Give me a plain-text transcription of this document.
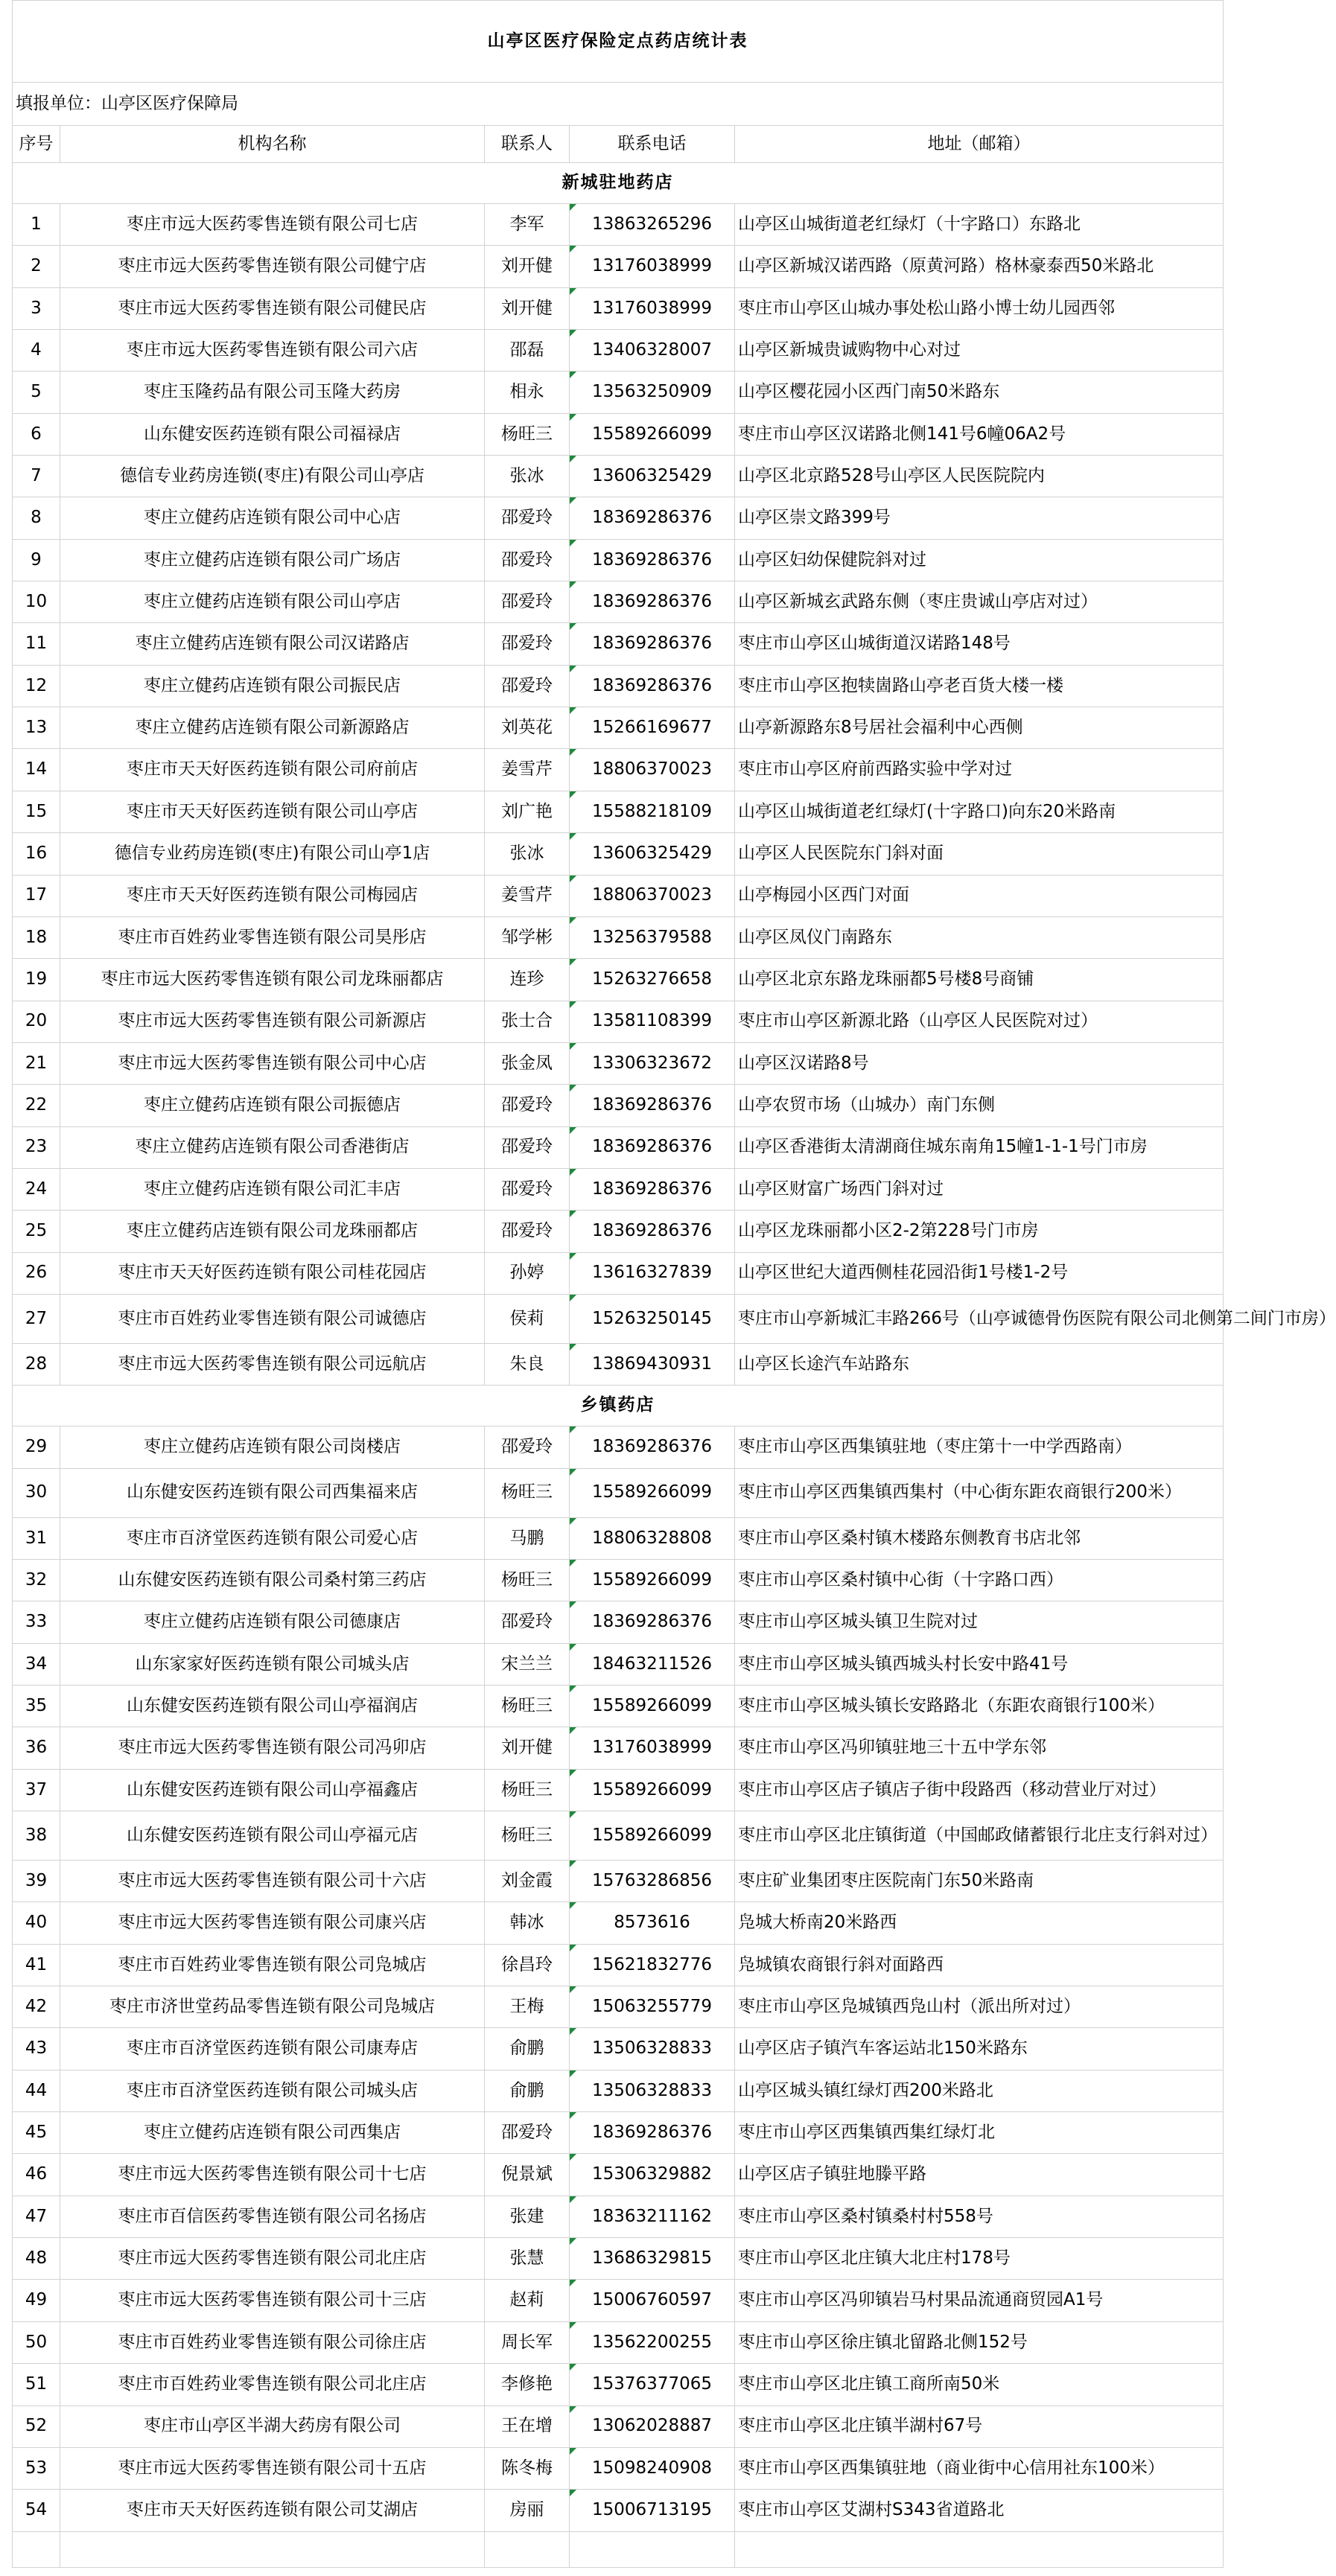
山亭区医疗保险定点药店统计表				
填报单位：山亭区医疗保障局				
序号	机构名称	联系人	联系电话	地址（邮箱）
新城驻地药店				
1	枣庄市远大医药零售连锁有限公司七店	李军	13863265296	山亭区山城街道老红绿灯（十字路口）东路北
2	枣庄市远大医药零售连锁有限公司健宁店	刘开健	13176038999	山亭区新城汉诺西路（原黄河路）格林豪泰西50米路北
3	枣庄市远大医药零售连锁有限公司健民店	刘开健	13176038999	枣庄市山亭区山城办事处松山路小博士幼儿园西邻
4	枣庄市远大医药零售连锁有限公司六店	邵磊	13406328007	山亭区新城贵诚购物中心对过
5	枣庄玉隆药品有限公司玉隆大药房	相永	13563250909	山亭区樱花园小区西门南50米路东
6	山东健安医药连锁有限公司福禄店	杨旺三	15589266099	枣庄市山亭区汉诺路北侧141号6幢06A2号
7	德信专业药房连锁(枣庄)有限公司山亭店	张冰	13606325429	山亭区北京路528号山亭区人民医院院内
8	枣庄立健药店连锁有限公司中心店	邵爱玲	18369286376	山亭区崇文路399号
9	枣庄立健药店连锁有限公司广场店	邵爱玲	18369286376	山亭区妇幼保健院斜对过
10	枣庄立健药店连锁有限公司山亭店	邵爱玲	18369286376	山亭区新城玄武路东侧（枣庄贵诚山亭店对过）
11	枣庄立健药店连锁有限公司汉诺路店	邵爱玲	18369286376	枣庄市山亭区山城街道汉诺路148号
12	枣庄立健药店连锁有限公司振民店	邵爱玲	18369286376	枣庄市山亭区抱犊崮路山亭老百货大楼一楼
13	枣庄立健药店连锁有限公司新源路店	刘英花	15266169677	山亭新源路东8号居社会福利中心西侧
14	枣庄市天天好医药连锁有限公司府前店	姜雪芹	18806370023	枣庄市山亭区府前西路实验中学对过
15	枣庄市天天好医药连锁有限公司山亭店	刘广艳	15588218109	山亭区山城街道老红绿灯(十字路口)向东20米路南
16	德信专业药房连锁(枣庄)有限公司山亭1店	张冰	13606325429	山亭区人民医院东门斜对面
17	枣庄市天天好医药连锁有限公司梅园店	姜雪芹	18806370023	山亭梅园小区西门对面
18	枣庄市百姓药业零售连锁有限公司昊彤店	邹学彬	13256379588	山亭区凤仪门南路东
19	枣庄市远大医药零售连锁有限公司龙珠丽都店	连珍	15263276658	山亭区北京东路龙珠丽都5号楼8号商铺
20	枣庄市远大医药零售连锁有限公司新源店	张士合	13581108399	枣庄市山亭区新源北路（山亭区人民医院对过）
21	枣庄市远大医药零售连锁有限公司中心店	张金凤	13306323672	山亭区汉诺路8号
22	枣庄立健药店连锁有限公司振德店	邵爱玲	18369286376	山亭农贸市场（山城办）南门东侧
23	枣庄立健药店连锁有限公司香港街店	邵爱玲	18369286376	山亭区香港街太清湖商住城东南角15幢1-1-1号门市房
24	枣庄立健药店连锁有限公司汇丰店	邵爱玲	18369286376	山亭区财富广场西门斜对过
25	枣庄立健药店连锁有限公司龙珠丽都店	邵爱玲	18369286376	山亭区龙珠丽都小区2-2第228号门市房
26	枣庄市天天好医药连锁有限公司桂花园店	孙婷	13616327839	山亭区世纪大道西侧桂花园沿街1号楼1-2号
27	枣庄市百姓药业零售连锁有限公司诚德店	侯莉	15263250145	枣庄市山亭新城汇丰路266号（山亭诚德骨伤医院有限公司北侧第二间门市房）
28	枣庄市远大医药零售连锁有限公司远航店	朱良	13869430931	山亭区长途汽车站路东
乡镇药店				
29	枣庄立健药店连锁有限公司岗楼店	邵爱玲	18369286376	枣庄市山亭区西集镇驻地（枣庄第十一中学西路南）
30	山东健安医药连锁有限公司西集福来店	杨旺三	15589266099	枣庄市山亭区西集镇西集村（中心街东距农商银行200米）
31	枣庄市百济堂医药连锁有限公司爱心店	马鹏	18806328808	枣庄市山亭区桑村镇木楼路东侧教育书店北邻
32	山东健安医药连锁有限公司桑村第三药店	杨旺三	15589266099	枣庄市山亭区桑村镇中心街（十字路口西）
33	枣庄立健药店连锁有限公司德康店	邵爱玲	18369286376	枣庄市山亭区城头镇卫生院对过
34	山东家家好医药连锁有限公司城头店	宋兰兰	18463211526	枣庄市山亭区城头镇西城头村长安中路41号
35	山东健安医药连锁有限公司山亭福润店	杨旺三	15589266099	枣庄市山亭区城头镇长安路路北（东距农商银行100米）
36	枣庄市远大医药零售连锁有限公司冯卯店	刘开健	13176038999	枣庄市山亭区冯卯镇驻地三十五中学东邻
37	山东健安医药连锁有限公司山亭福鑫店	杨旺三	15589266099	枣庄市山亭区店子镇店子街中段路西（移动营业厅对过）
38	山东健安医药连锁有限公司山亭福元店	杨旺三	15589266099	枣庄市山亭区北庄镇街道（中国邮政储蓄银行北庄支行斜对过）
39	枣庄市远大医药零售连锁有限公司十六店	刘金霞	15763286856	枣庄矿业集团枣庄医院南门东50米路南
40	枣庄市远大医药零售连锁有限公司康兴店	韩冰	8573616	凫城大桥南20米路西
41	枣庄市百姓药业零售连锁有限公司凫城店	徐昌玲	15621832776	凫城镇农商银行斜对面路西
42	枣庄市济世堂药品零售连锁有限公司凫城店	王梅	15063255779	枣庄市山亭区凫城镇西凫山村（派出所对过）
43	枣庄市百济堂医药连锁有限公司康寿店	俞鹏	13506328833	山亭区店子镇汽车客运站北150米路东
44	枣庄市百济堂医药连锁有限公司城头店	俞鹏	13506328833	山亭区城头镇红绿灯西200米路北
45	枣庄立健药店连锁有限公司西集店	邵爱玲	18369286376	枣庄市山亭区西集镇西集红绿灯北
46	枣庄市远大医药零售连锁有限公司十七店	倪景斌	15306329882	山亭区店子镇驻地滕平路
47	枣庄市百信医药零售连锁有限公司名扬店	张建	18363211162	枣庄市山亭区桑村镇桑村村558号
48	枣庄市远大医药零售连锁有限公司北庄店	张慧	13686329815	枣庄市山亭区北庄镇大北庄村178号
49	枣庄市远大医药零售连锁有限公司十三店	赵莉	15006760597	枣庄市山亭区冯卯镇岩马村果品流通商贸园A1号
50	枣庄市百姓药业零售连锁有限公司徐庄店	周长军	13562200255	枣庄市山亭区徐庄镇北留路北侧152号
51	枣庄市百姓药业零售连锁有限公司北庄店	李修艳	15376377065	枣庄市山亭区北庄镇工商所南50米
52	枣庄市山亭区半湖大药房有限公司	王在增	13062028887	枣庄市山亭区北庄镇半湖村67号
53	枣庄市远大医药零售连锁有限公司十五店	陈冬梅	15098240908	枣庄市山亭区西集镇驻地（商业街中心信用社东100米）
54	枣庄市天天好医药连锁有限公司艾湖店	房丽	15006713195	枣庄市山亭区艾湖村S343省道路北
